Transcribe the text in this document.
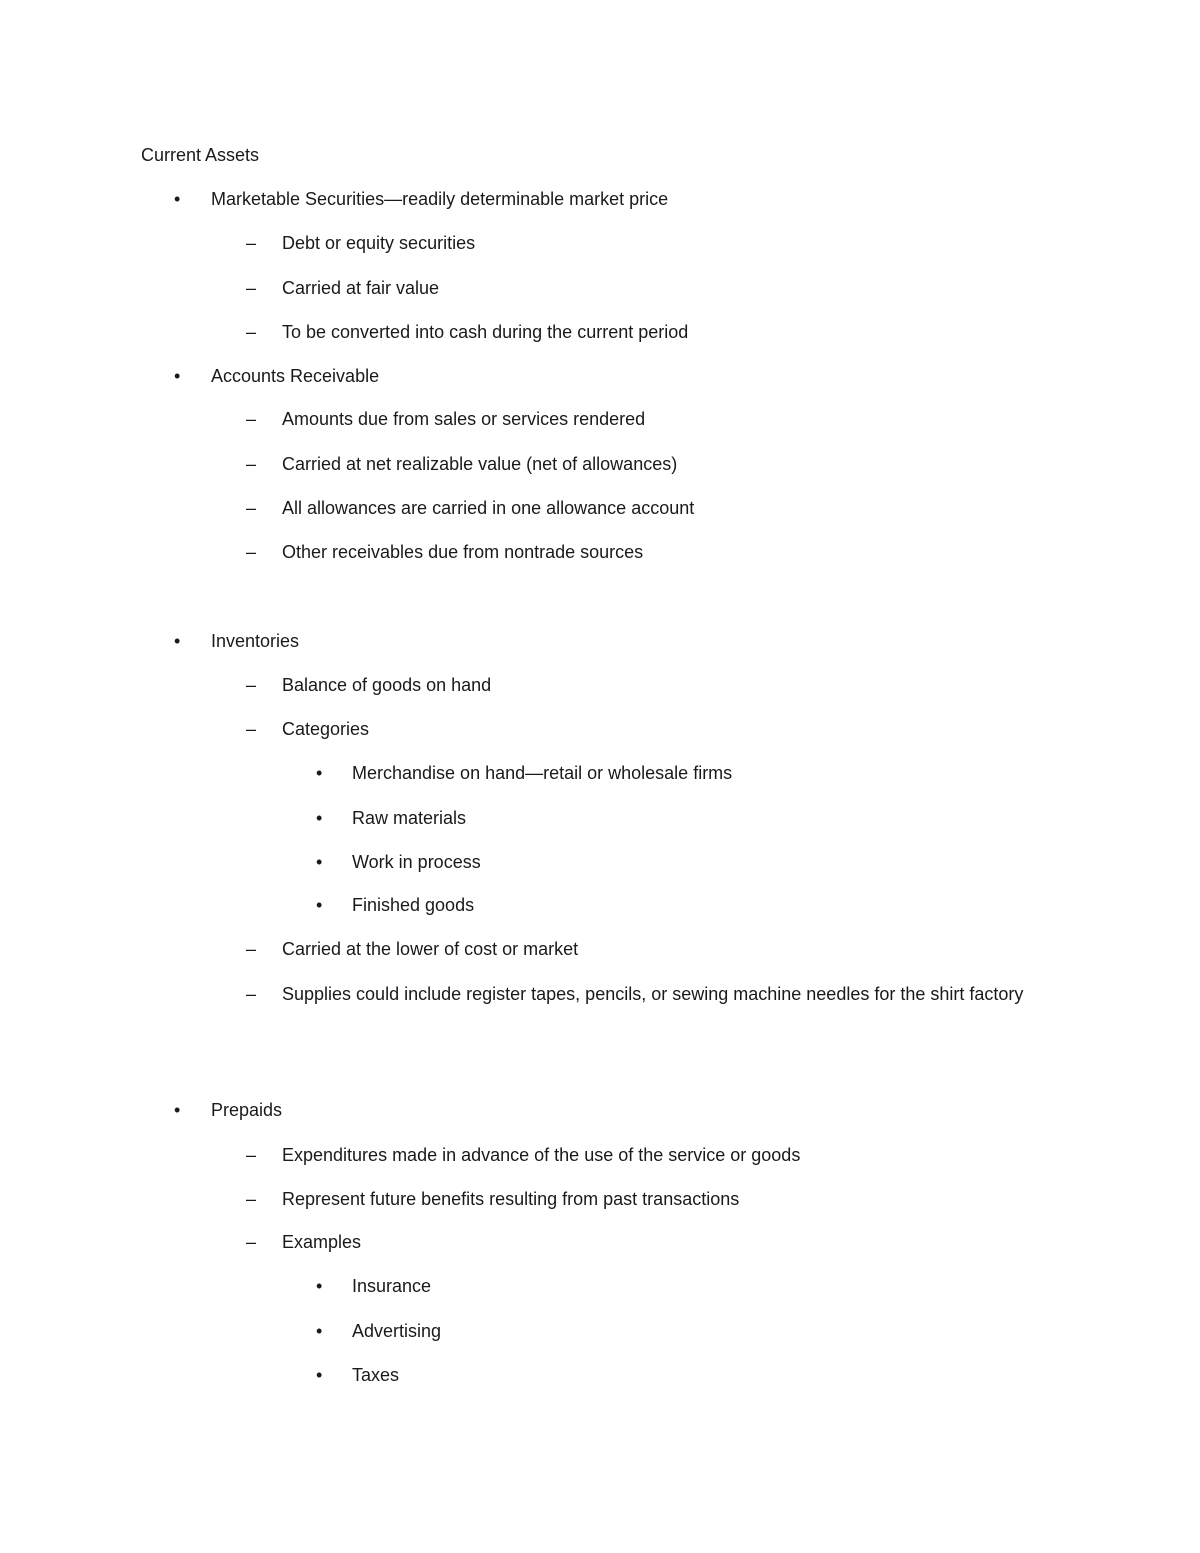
Current Assets
• Marketable Securities—readily determinable market price
– Debt or equity securities
– Carried at fair value
– To be converted into cash during the current period
• Accounts Receivable
– Amounts due from sales or services rendered
– Carried at net realizable value (net of allowances)
– All allowances are carried in one allowance account
– Other receivables due from nontrade sources
• Inventories
– Balance of goods on hand
– Categories
• Merchandise on hand—retail or wholesale firms
• Raw materials
• Work in process
• Finished goods
– Carried at the lower of cost or market
– Supplies could include register tapes, pencils, or sewing machine needles for the shirt factory
• Prepaids
– Expenditures made in advance of the use of the service or goods
– Represent future benefits resulting from past transactions
– Examples
• Insurance
• Advertising
• Taxes
